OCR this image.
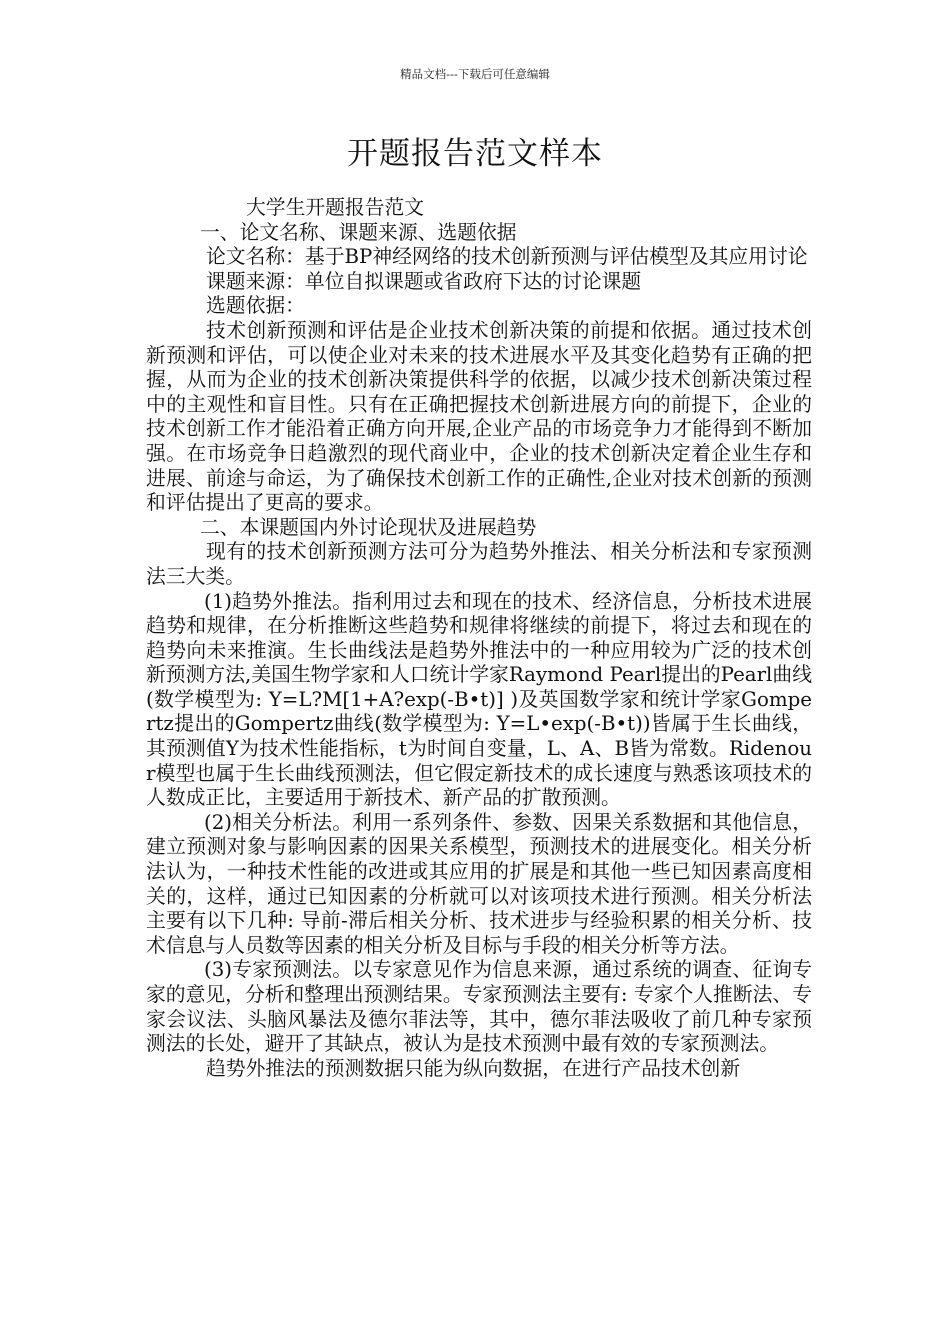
精品文档---下载后可任意编辑
开题报告范文样本

大学生开题报告范文

一、论文名称、课题来源、选题依据

论文名称：基于BP神经网络的技术创新预测与评估模型及其应用讨论

课题来源：单位自拟课题或省政府下达的讨论课题

选题依据：

技术创新预测和评估是企业技术创新决策的前提和依据。通过技术创新预测和评估，可以使企业对未来的技术进展水平及其变化趋势有正确的把握，从而为企业的技术创新决策提供科学的依据，以减少技术创新决策过程中的主观性和盲目性。只有在正确把握技术创新进展方向的前提下，企业的技术创新工作才能沿着正确方向开展,企业产品的市场竞争力才能得到不断加强。在市场竞争日趋激烈的现代商业中，企业的技术创新决定着企业生存和进展、前途与命运，为了确保技术创新工作的正确性,企业对技术创新的预测和评估提出了更高的要求。

二、本课题国内外讨论现状及进展趋势

现有的技术创新预测方法可分为趋势外推法、相关分析法和专家预测法三大类。

(1)趋势外推法。指利用过去和现在的技术、经济信息，分析技术进展趋势和规律，在分析推断这些趋势和规律将继续的前提下，将过去和现在的趋势向未来推演。生长曲线法是趋势外推法中的一种应用较为广泛的技术创新预测方法,美国生物学家和人口统计学家Raymond Pearl提出的Pearl曲线(数学模型为: Y=L?M[1+A?exp(-B•t)] )及英国数学家和统计学家Gompertz提出的Gompertz曲线(数学模型为: Y=L•exp(-B•t))皆属于生长曲线，其预测值Y为技术性能指标，t为时间自变量，L、A、B皆为常数。Ridenour模型也属于生长曲线预测法，但它假定新技术的成长速度与熟悉该项技术的人数成正比，主要适用于新技术、新产品的扩散预测。

(2)相关分析法。利用一系列条件、参数、因果关系数据和其他信息，建立预测对象与影响因素的因果关系模型，预测技术的进展变化。相关分析法认为，一种技术性能的改进或其应用的扩展是和其他一些已知因素高度相关的，这样，通过已知因素的分析就可以对该项技术进行预测。相关分析法主要有以下几种: 导前-滞后相关分析、技术进步与经验积累的相关分析、技术信息与人员数等因素的相关分析及目标与手段的相关分析等方法。

(3)专家预测法。以专家意见作为信息来源，通过系统的调查、征询专家的意见，分析和整理出预测结果。专家预测法主要有: 专家个人推断法、专家会议法、头脑风暴法及德尔菲法等，其中，德尔菲法吸收了前几种专家预测法的长处，避开了其缺点，被认为是技术预测中最有效的专家预测法。

趋势外推法的预测数据只能为纵向数据，在进行产品技术创新
